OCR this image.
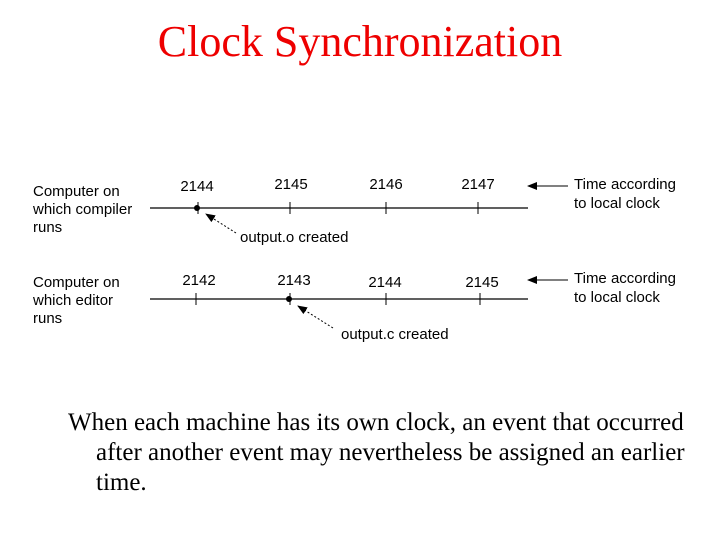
Clock Synchronization
Computer on
which compiler
runs
2144	2145	2146	2147
output.o created
Time according
to local clock
Computer on
which editor
runs
2142	2143	2144	2145
output.c created
Time according
to local clock
When each machine has its own clock, an event that occurred after another event may nevertheless be assigned an earlier time.
